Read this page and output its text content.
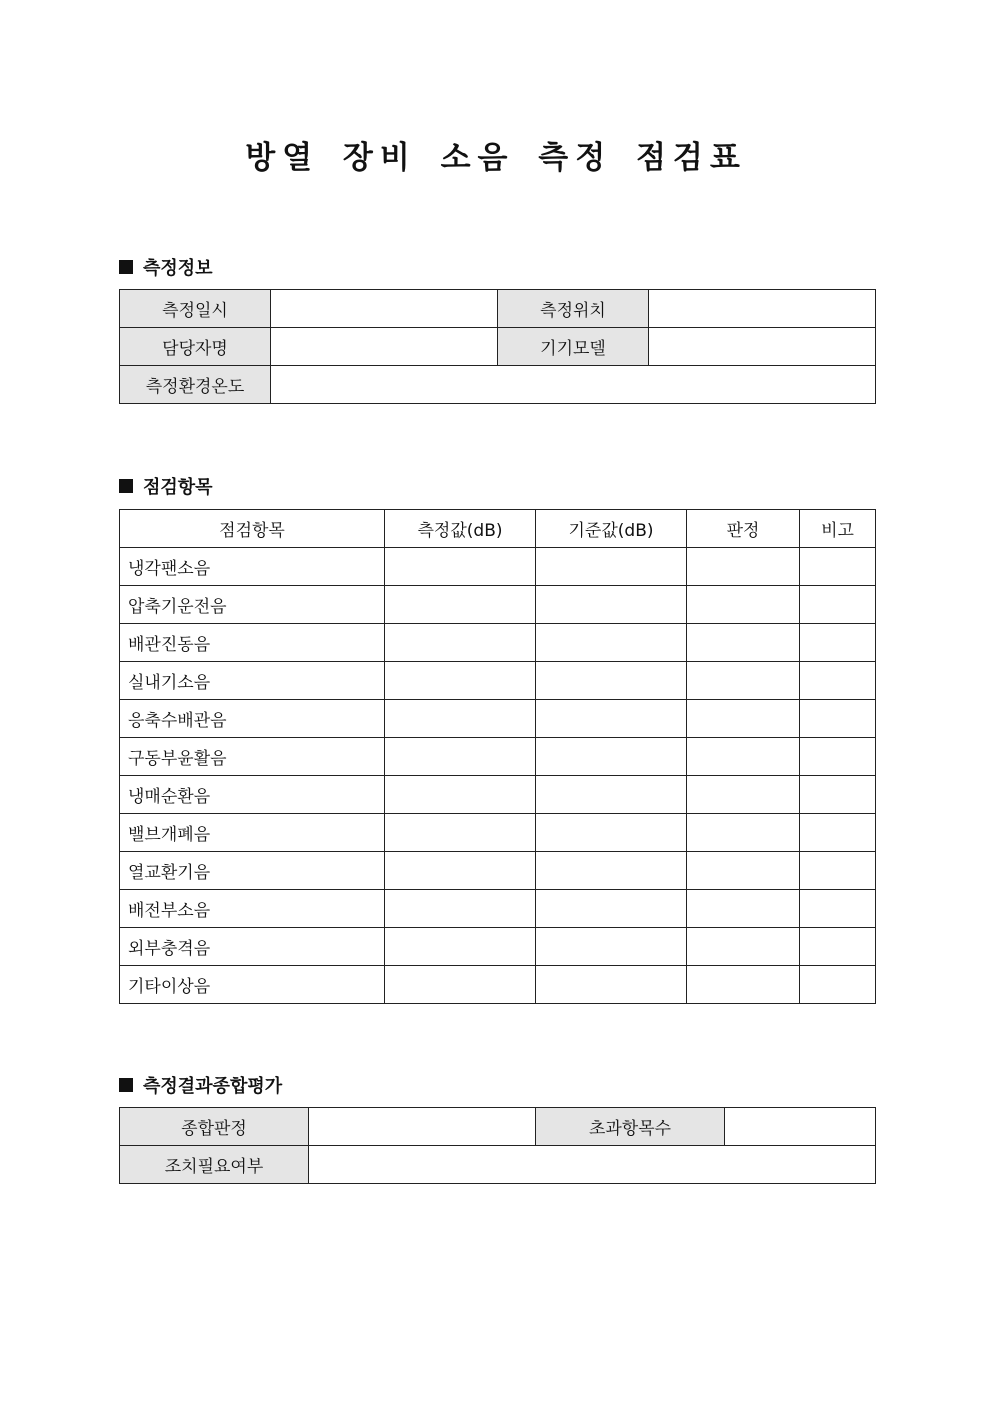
방열 장비 소음 측정 점검표
측정정보
측정일시		측정위치	
담당자명		기기모델	
측정환경온도			
점검항목
점검항목	측정값(dB)	기준값(dB)	판정	비고
냉각팬소음				
압축기운전음				
배관진동음				
실내기소음				
응축수배관음				
구동부윤활음				
냉매순환음				
밸브개폐음				
열교환기음				
배전부소음				
외부충격음				
기타이상음				
측정결과종합평가
종합판정		초과항목수	
조치필요여부			
